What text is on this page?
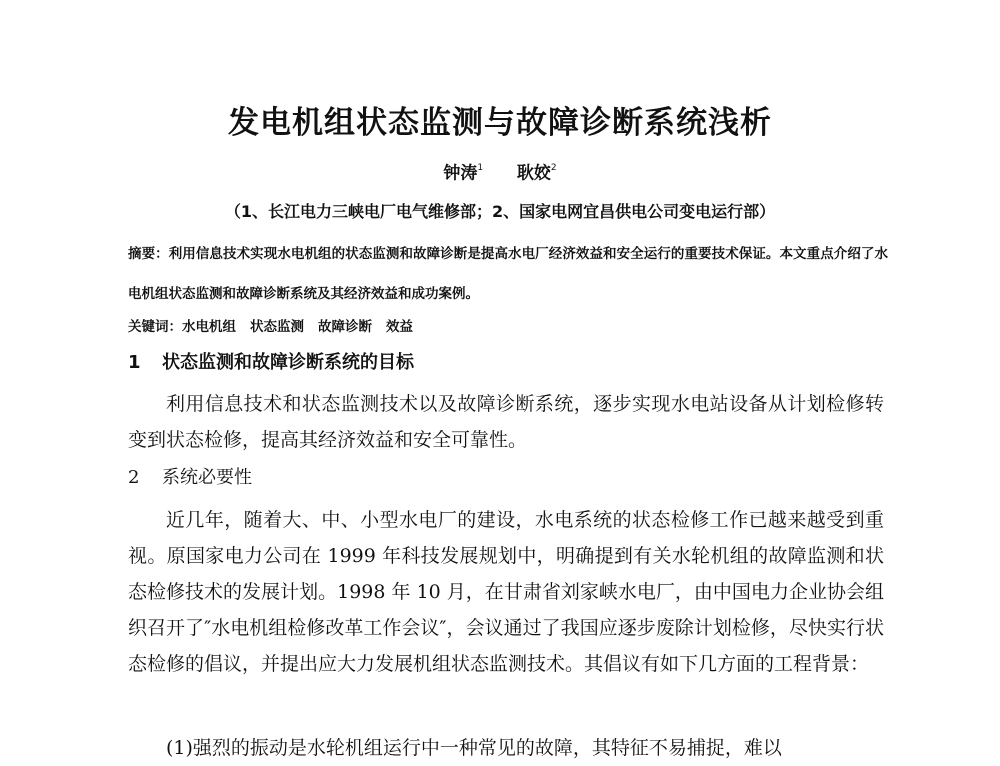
发电机组状态监测与故障诊断系统浅析
钟涛$^1$ 耿姣$^2$
（1、长江电力三峡电厂电气维修部；2、国家电网宜昌供电公司变电运行部）
摘要：利用信息技术实现水电机组的状态监测和故障诊断是提高水电厂经济效益和安全运行的重要技术保证。本文重点介绍了水电机组状态监测和故障诊断系统及其经济效益和成功案例。
关键词：水电机组 状态监测 故障诊断 效益
1 状态监测和故障诊断系统的目标
利用信息技术和状态监测技术以及故障诊断系统，逐步实现水电站设备从计划检修转变到状态检修，提高其经济效益和安全可靠性。
2 系统必要性
近几年，随着大、中、小型水电厂的建设，水电系统的状态检修工作已越来越受到重视。原国家电力公司在 1999 年科技发展规划中，明确提到有关水轮机组的故障监测和状态检修技术的发展计划。1998 年 10 月，在甘肃省刘家峡水电厂，由中国电力企业协会组织召开了″水电机组检修改革工作会议″，会议通过了我国应逐步废除计划检修，尽快实行状态检修的倡议，并提出应大力发展机组状态监测技术。其倡议有如下几方面的工程背景：
(1)强烈的振动是水轮机组运行中一种常见的故障，其特征不易捕捉，难以
